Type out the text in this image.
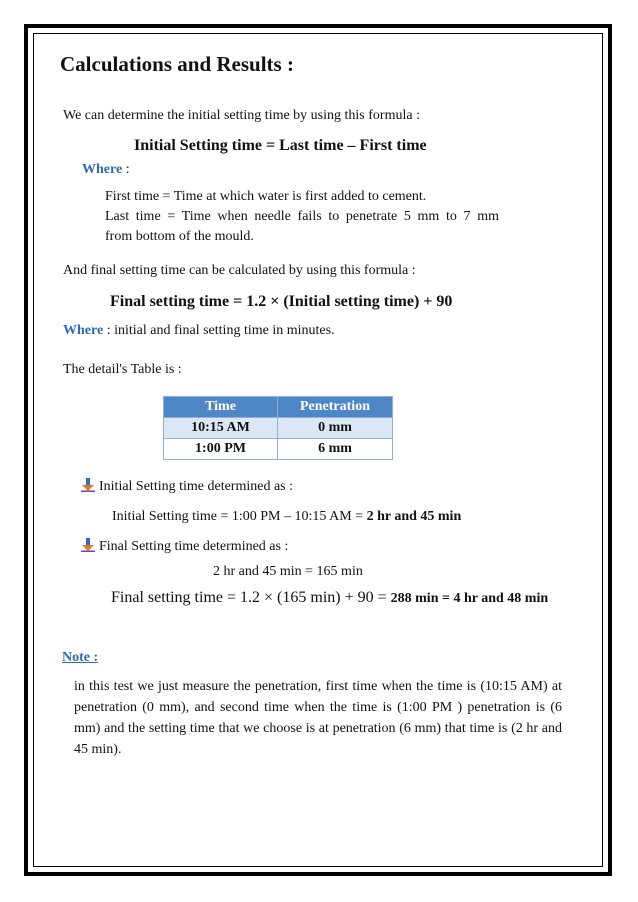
Calculations and Results :
We can determine the initial setting time by using this formula :
Initial Setting time = Last time – First time
Where :
First time = Time at which water is first added to cement.
Last time = Time when needle fails to penetrate 5 mm to 7 mm
from bottom of the mould.
And final setting time can be calculated by using this formula :
Final setting time = 1.2 × (Initial setting time) + 90
Where : initial and final setting time in minutes.
The detail's Table is :
Time	Penetration
10:15 AM	0 mm
1:00 PM	6 mm
Initial Setting time determined as :
Initial Setting time = 1:00 PM – 10:15 AM = 2 hr and 45 min
Final Setting time determined as :
2 hr and 45 min = 165 min
Final setting time = 1.2 × (165 min) + 90 = 288 min = 4 hr and 48 min
Note :
in this test we just measure the penetration, first time when the time is (10:15 AM) at penetration (0 mm), and second time when the time is (1:00 PM ) penetration is (6 mm) and the setting time that we choose is at penetration (6 mm) that time is (2 hr and 45 min).
